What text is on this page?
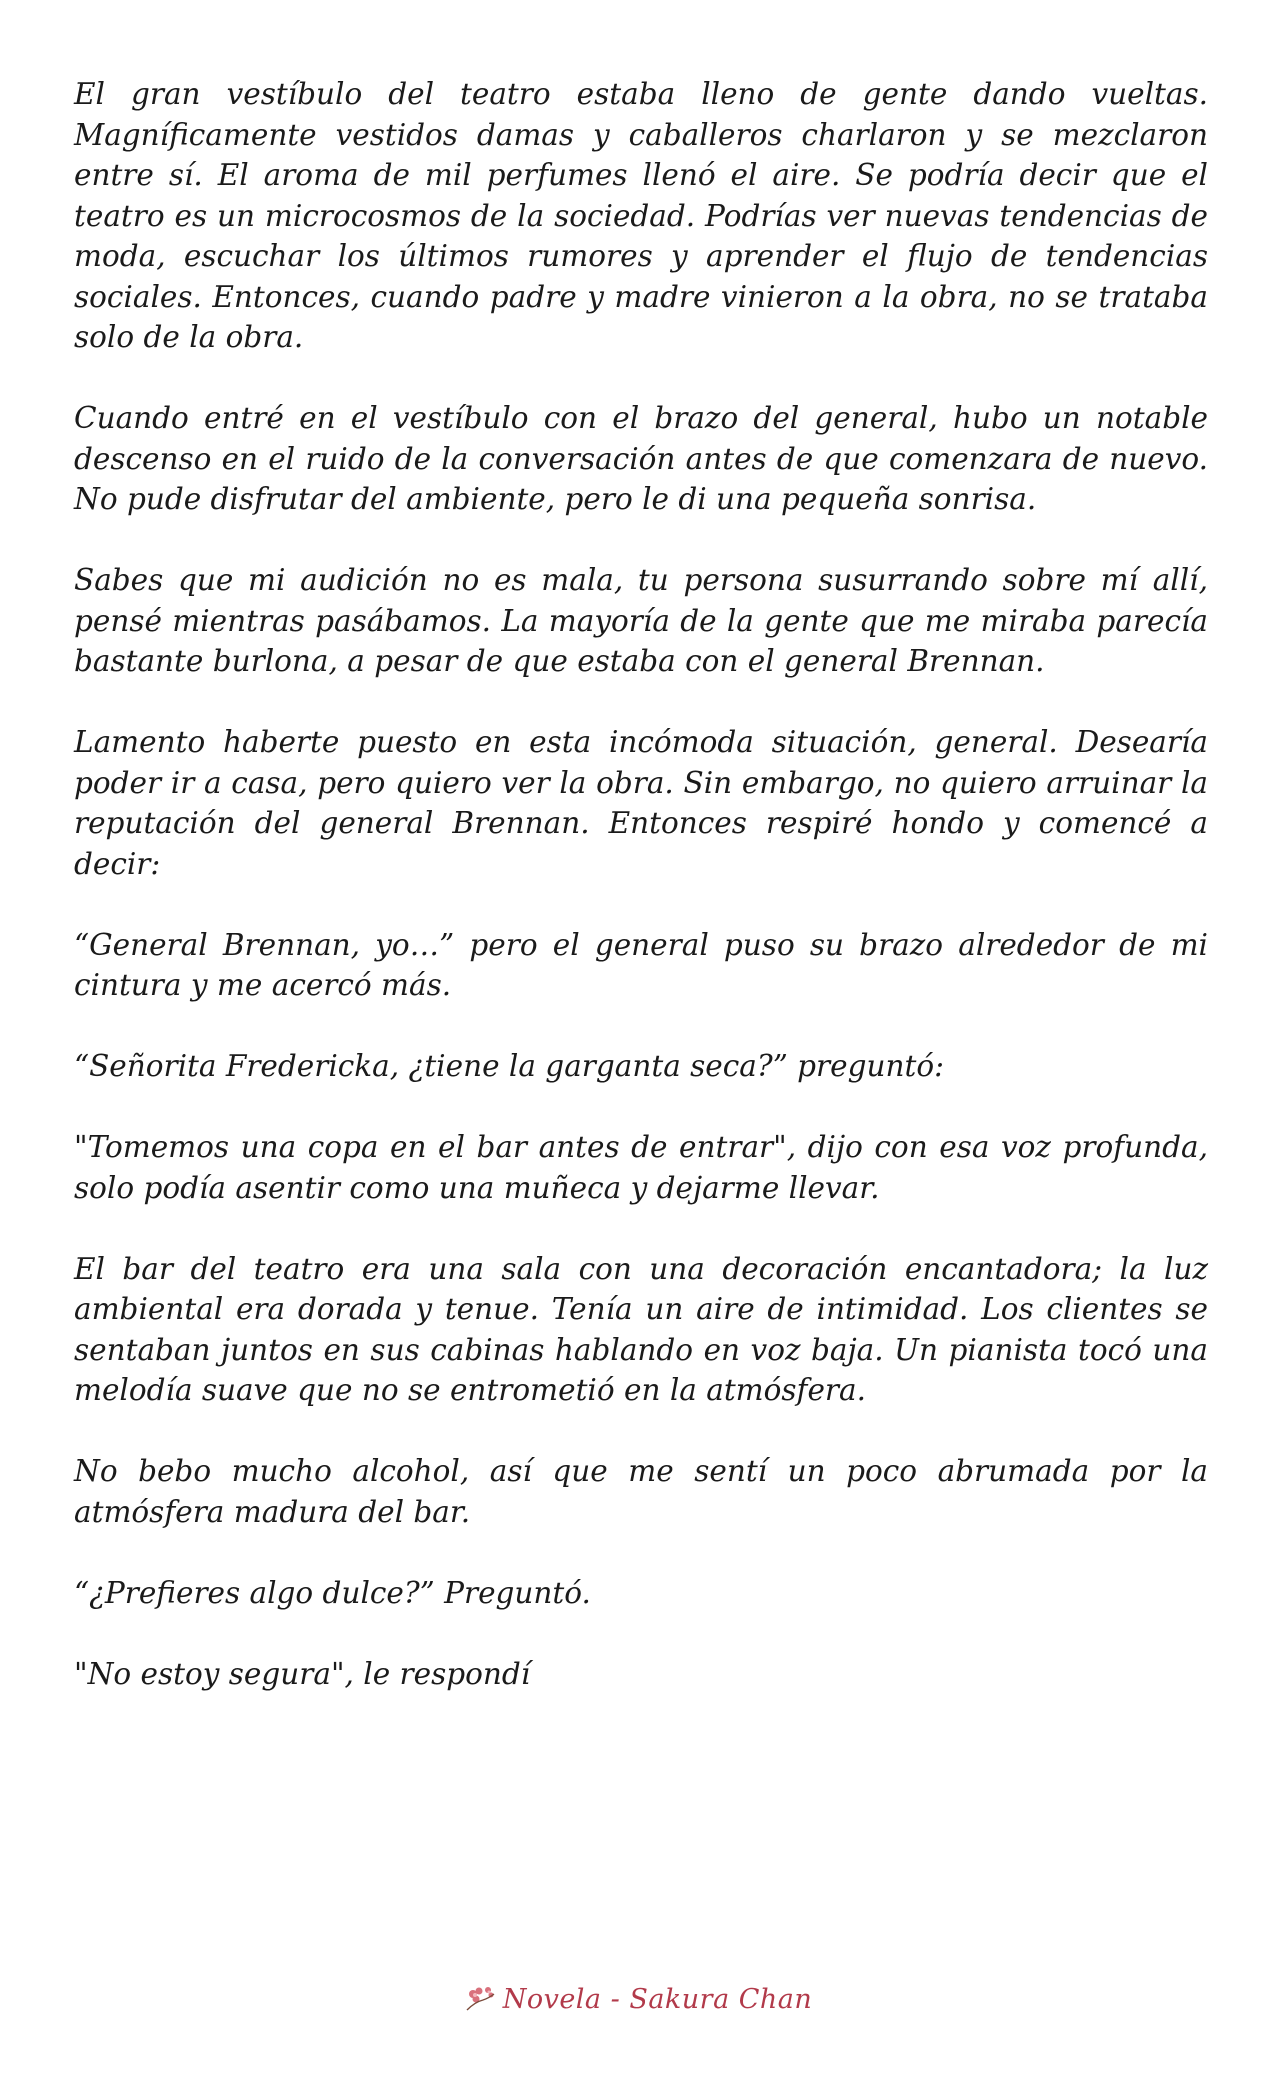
El gran vestíbulo del teatro estaba lleno de gente dando vueltas. Magníficamente vestidos damas y caballeros charlaron y se mezclaron entre sí. El aroma de mil perfumes llenó el aire. Se podría decir que el teatro es un microcosmos de la sociedad. Podrías ver nuevas tendencias de moda, escuchar los últimos rumores y aprender el flujo de tendencias sociales. Entonces, cuando padre y madre vinieron a la obra, no se trataba solo de la obra.

Cuando entré en el vestíbulo con el brazo del general, hubo un notable descenso en el ruido de la conversación antes de que comenzara de nuevo. No pude disfrutar del ambiente, pero le di una pequeña sonrisa.

Sabes que mi audición no es mala, tu persona susurrando sobre mí allí, pensé mientras pasábamos. La mayoría de la gente que me miraba parecía bastante burlona, a pesar de que estaba con el general Brennan.

Lamento haberte puesto en esta incómoda situación, general. Desearía poder ir a casa, pero quiero ver la obra. Sin embargo, no quiero arruinar la reputación del general Brennan. Entonces respiré hondo y comencé a decir:

“General Brennan, yo…” pero el general puso su brazo alrededor de mi cintura y me acercó más.

“Señorita Fredericka, ¿tiene la garganta seca?” preguntó:

"Tomemos una copa en el bar antes de entrar", dijo con esa voz profunda, solo podía asentir como una muñeca y dejarme llevar.

El bar del teatro era una sala con una decoración encantadora; la luz ambiental era dorada y tenue. Tenía un aire de intimidad. Los clientes se sentaban juntos en sus cabinas hablando en voz baja. Un pianista tocó una melodía suave que no se entrometió en la atmósfera.

No bebo mucho alcohol, así que me sentí un poco abrumada por la atmósfera madura del bar.

“¿Prefieres algo dulce?” Preguntó.

"No estoy segura", le respondí

Novela - Sakura Chan
